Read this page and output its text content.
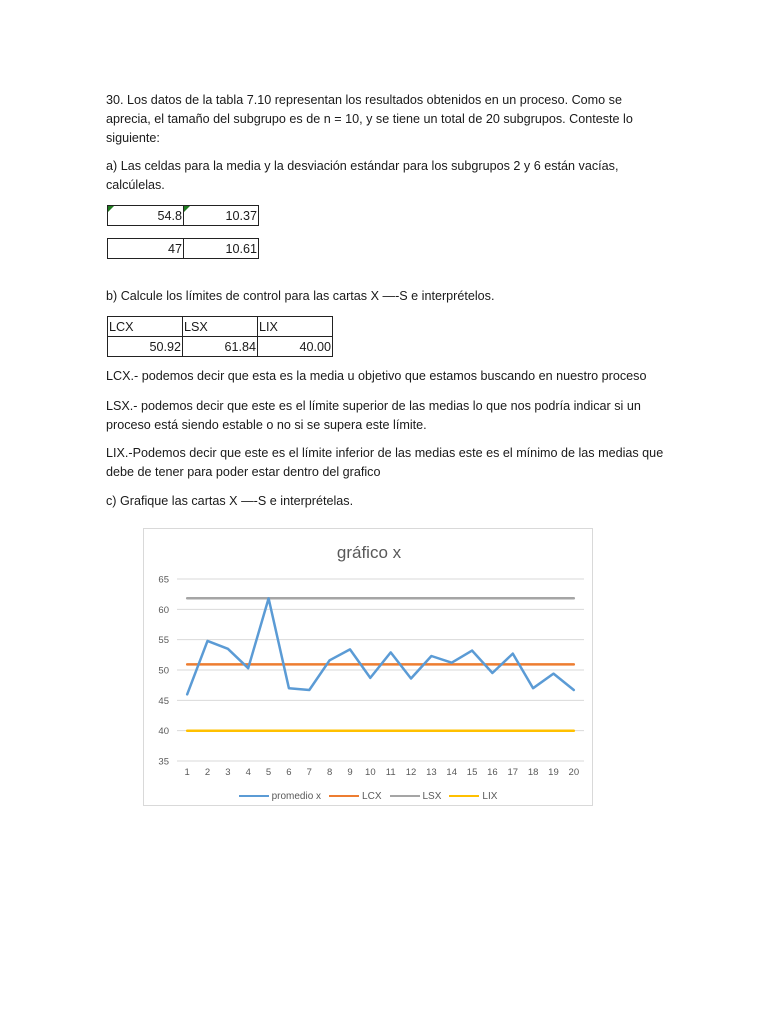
30. Los datos de la tabla 7.10 representan los resultados obtenidos en un proceso. Como se
aprecia, el tamaño del subgrupo es de n = 10, y se tiene un total de 20 subgrupos. Conteste lo
siguiente:

a) Las celdas para la media y la desviación estándar para los subgrupos 2 y 6 están vacías,
calcúlelas.

54.8	10.37
47	10.61

b) Calcule los límites de control para las cartas X —-S e interprételos.

LCX	LSX	LIX
50.92	61.84	40.00

LCX.- podemos decir que esta es la media u objetivo que estamos buscando en nuestro proceso

LSX.- podemos decir que este es el límite superior de las medias lo que nos podría indicar si un
proceso está siendo estable o no si se supera este límite.

LIX.-Podemos decir que este es el límite inferior de las medias este es el mínimo de las medias que
debe de tener para poder estar dentro del grafico

c) Grafique las cartas X —-S e interprételas.

gráfico x
35
40
45
50
55
60
65
1 2 3 4 5 6 7 8 9 10 11 12 13 14 15 16 17 18 19 20
promedio x	LCX	LSX	LIX
